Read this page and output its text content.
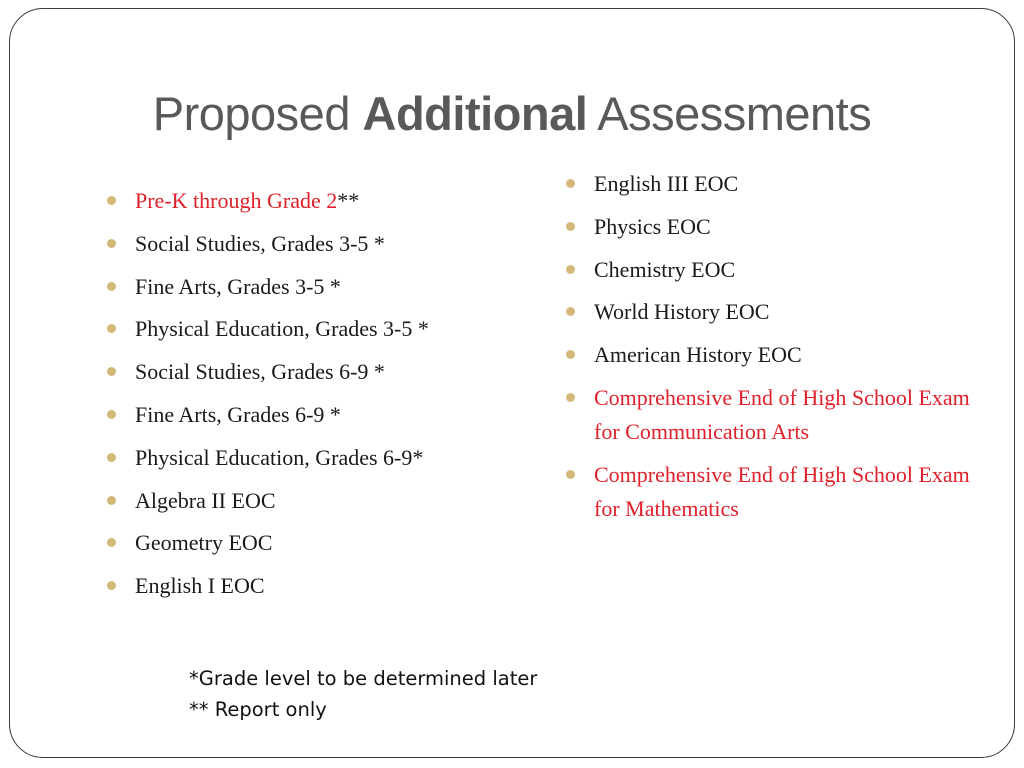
Proposed Additional Assessments
Pre-K through Grade 2**
Social Studies, Grades 3-5 *
Fine Arts, Grades 3-5 *
Physical Education, Grades 3-5 *
Social Studies, Grades 6-9 *
Fine Arts, Grades 6-9 *
Physical Education, Grades 6-9*
Algebra II EOC
Geometry EOC
English I EOC
English III EOC
Physics EOC
Chemistry EOC
World History EOC
American History EOC
Comprehensive End of High School Exam for Communication Arts
Comprehensive End of High School Exam for Mathematics
*Grade level to be determined later
** Report only
